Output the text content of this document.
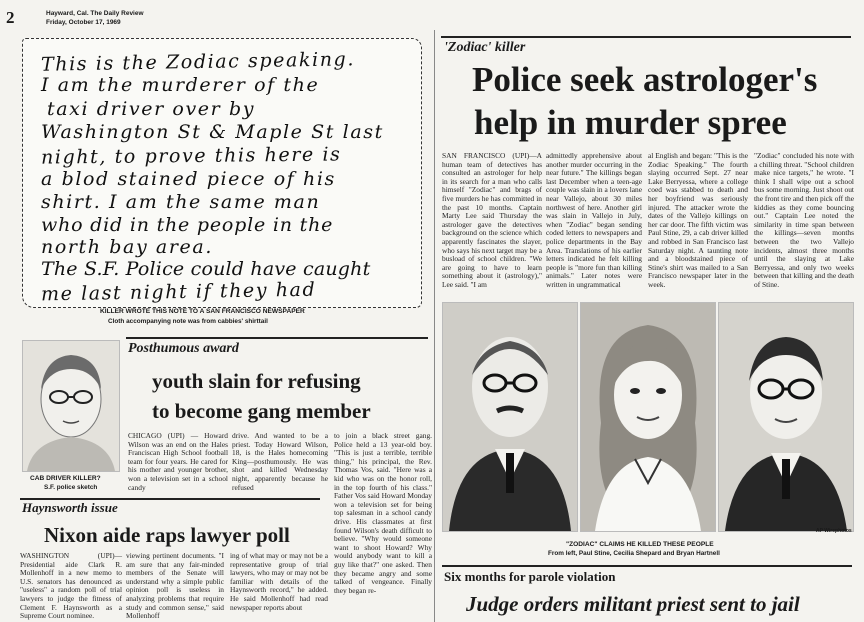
2	Hayward, Cal. The Daily Review
Friday, October 17, 1969
This is the Zodiac speaking.
I am the murderer of the
taxi driver over by
Washington St & Maple St last
night, to prove this here is
a blod stained piece of his
shirt. I am the same man
who did in the people in the
north bay area.
The S.F. Police could have caught
me last night if they had
KILLER WROTE THIS NOTE TO A SAN FRANCISCO NEWSPAPER
Cloth accompanying note was from cabbies' shirttail
'Zodiac' killer
Police seek astrologer's
help in murder spree
SAN FRANCISCO (UPI)—A human team of detectives has consulted an astrologer for help in its search for a man who calls himself "Zodiac" and brags of five murders he has committed in the past 10 months. Captain Marty Lee said Thursday the astrologer gave the detectives background on the science which apparently fascinates the slayer, who says his next target may be a busload of school children. "We are going to have to learn something about it (astrology)," Lee said. "I am
admittedly apprehensive about another murder occurring in the near future." The killings began last December when a teen-age couple was slain in a lovers lane near Vallejo, about 30 miles northwest of here. Another girl was slain in Vallejo in July, when "Zodiac" began sending coded letters to newspapers and police departments in the Bay Area. Translations of his earlier letters indicated he felt killing people is "more fun than killing animals." Later notes were written in ungrammatical
al English and began: "This is the Zodiac Speaking." The fourth slaying occurred Sept. 27 near Lake Berryessa, where a college coed was stabbed to death and her boyfriend was seriously injured. The attacker wrote the dates of the Vallejo killings on her car door. The fifth victim was Paul Stine, 29, a cab driver killed and robbed in San Francisco last Saturday night. A taunting note and a bloodstained piece of Stine's shirt was mailed to a San Francisco newspaper later in the week.
"Zodiac" concluded his note with a chilling threat. "School children make nice targets," he wrote. "I think I shall wipe out a school bus some morning. Just shoot out the front tire and then pick off the kiddies as they come bouncing out." Captain Lee noted the similarity in time span between the killings—seven months between the two Vallejo incidents, almost three months until the slaying at Lake Berryessa, and only two weeks between that killing and the death of Stine.
AP Wirephotos
"ZODIAC" CLAIMS HE KILLED THESE PEOPLE
From left, Paul Stine, Cecilia Shepard and Bryan Hartnell
Six months for parole violation
Judge orders militant priest sent to jail
CAB DRIVER KILLER?
S.F. police sketch
Posthumous award
youth slain for refusing
to become gang member
CHICAGO (UPI) — Howard Wilson was an end on the Hales Franciscan High School football team for four years. He cared for his mother and younger brother, won a television set in a school candy
drive. And wanted to be a priest. Today Howard Wilson, 18, is the Hales homecoming King—posthumously. He was shot and killed Wednesday night, apparently because he refused
to join a black street gang. Police held a 13 year-old boy. "This is just a terrible, terrible thing," his principal, the Rev. Thomas Vos, said. "Here was a kid who was on the honor roll, in the top fourth of his class." Father Vos said Howard Monday won a television set for being top salesman in a school candy drive. His classmates at first found Wilson's death difficult to believe. "Why would someone want to shoot Howard? Why would anybody want to kill a guy like that?" one asked. Then they became angry and some talked of vengeance. Finally they began re-
Haynsworth issue
Nixon aide raps lawyer poll
WASHINGTON (UPI)—Presidential aide Clark R. Mollenhoff in a new memo to U.S. senators has denounced as "useless" a random poll of trial lawyers to judge the fitness of Clement F. Haynsworth as a Supreme Court nominee.
viewing pertinent documents. "I am sure that any fair-minded members of the Senate will understand why a simple public opinion poll is useless in analyzing problems that require study and common sense," said Mollenhoff
ing of what may or may not be a representative group of trial lawyers, who may or may not be familiar with details of the Haynsworth record," he added. He said Mollenhoff had read newspaper reports about
